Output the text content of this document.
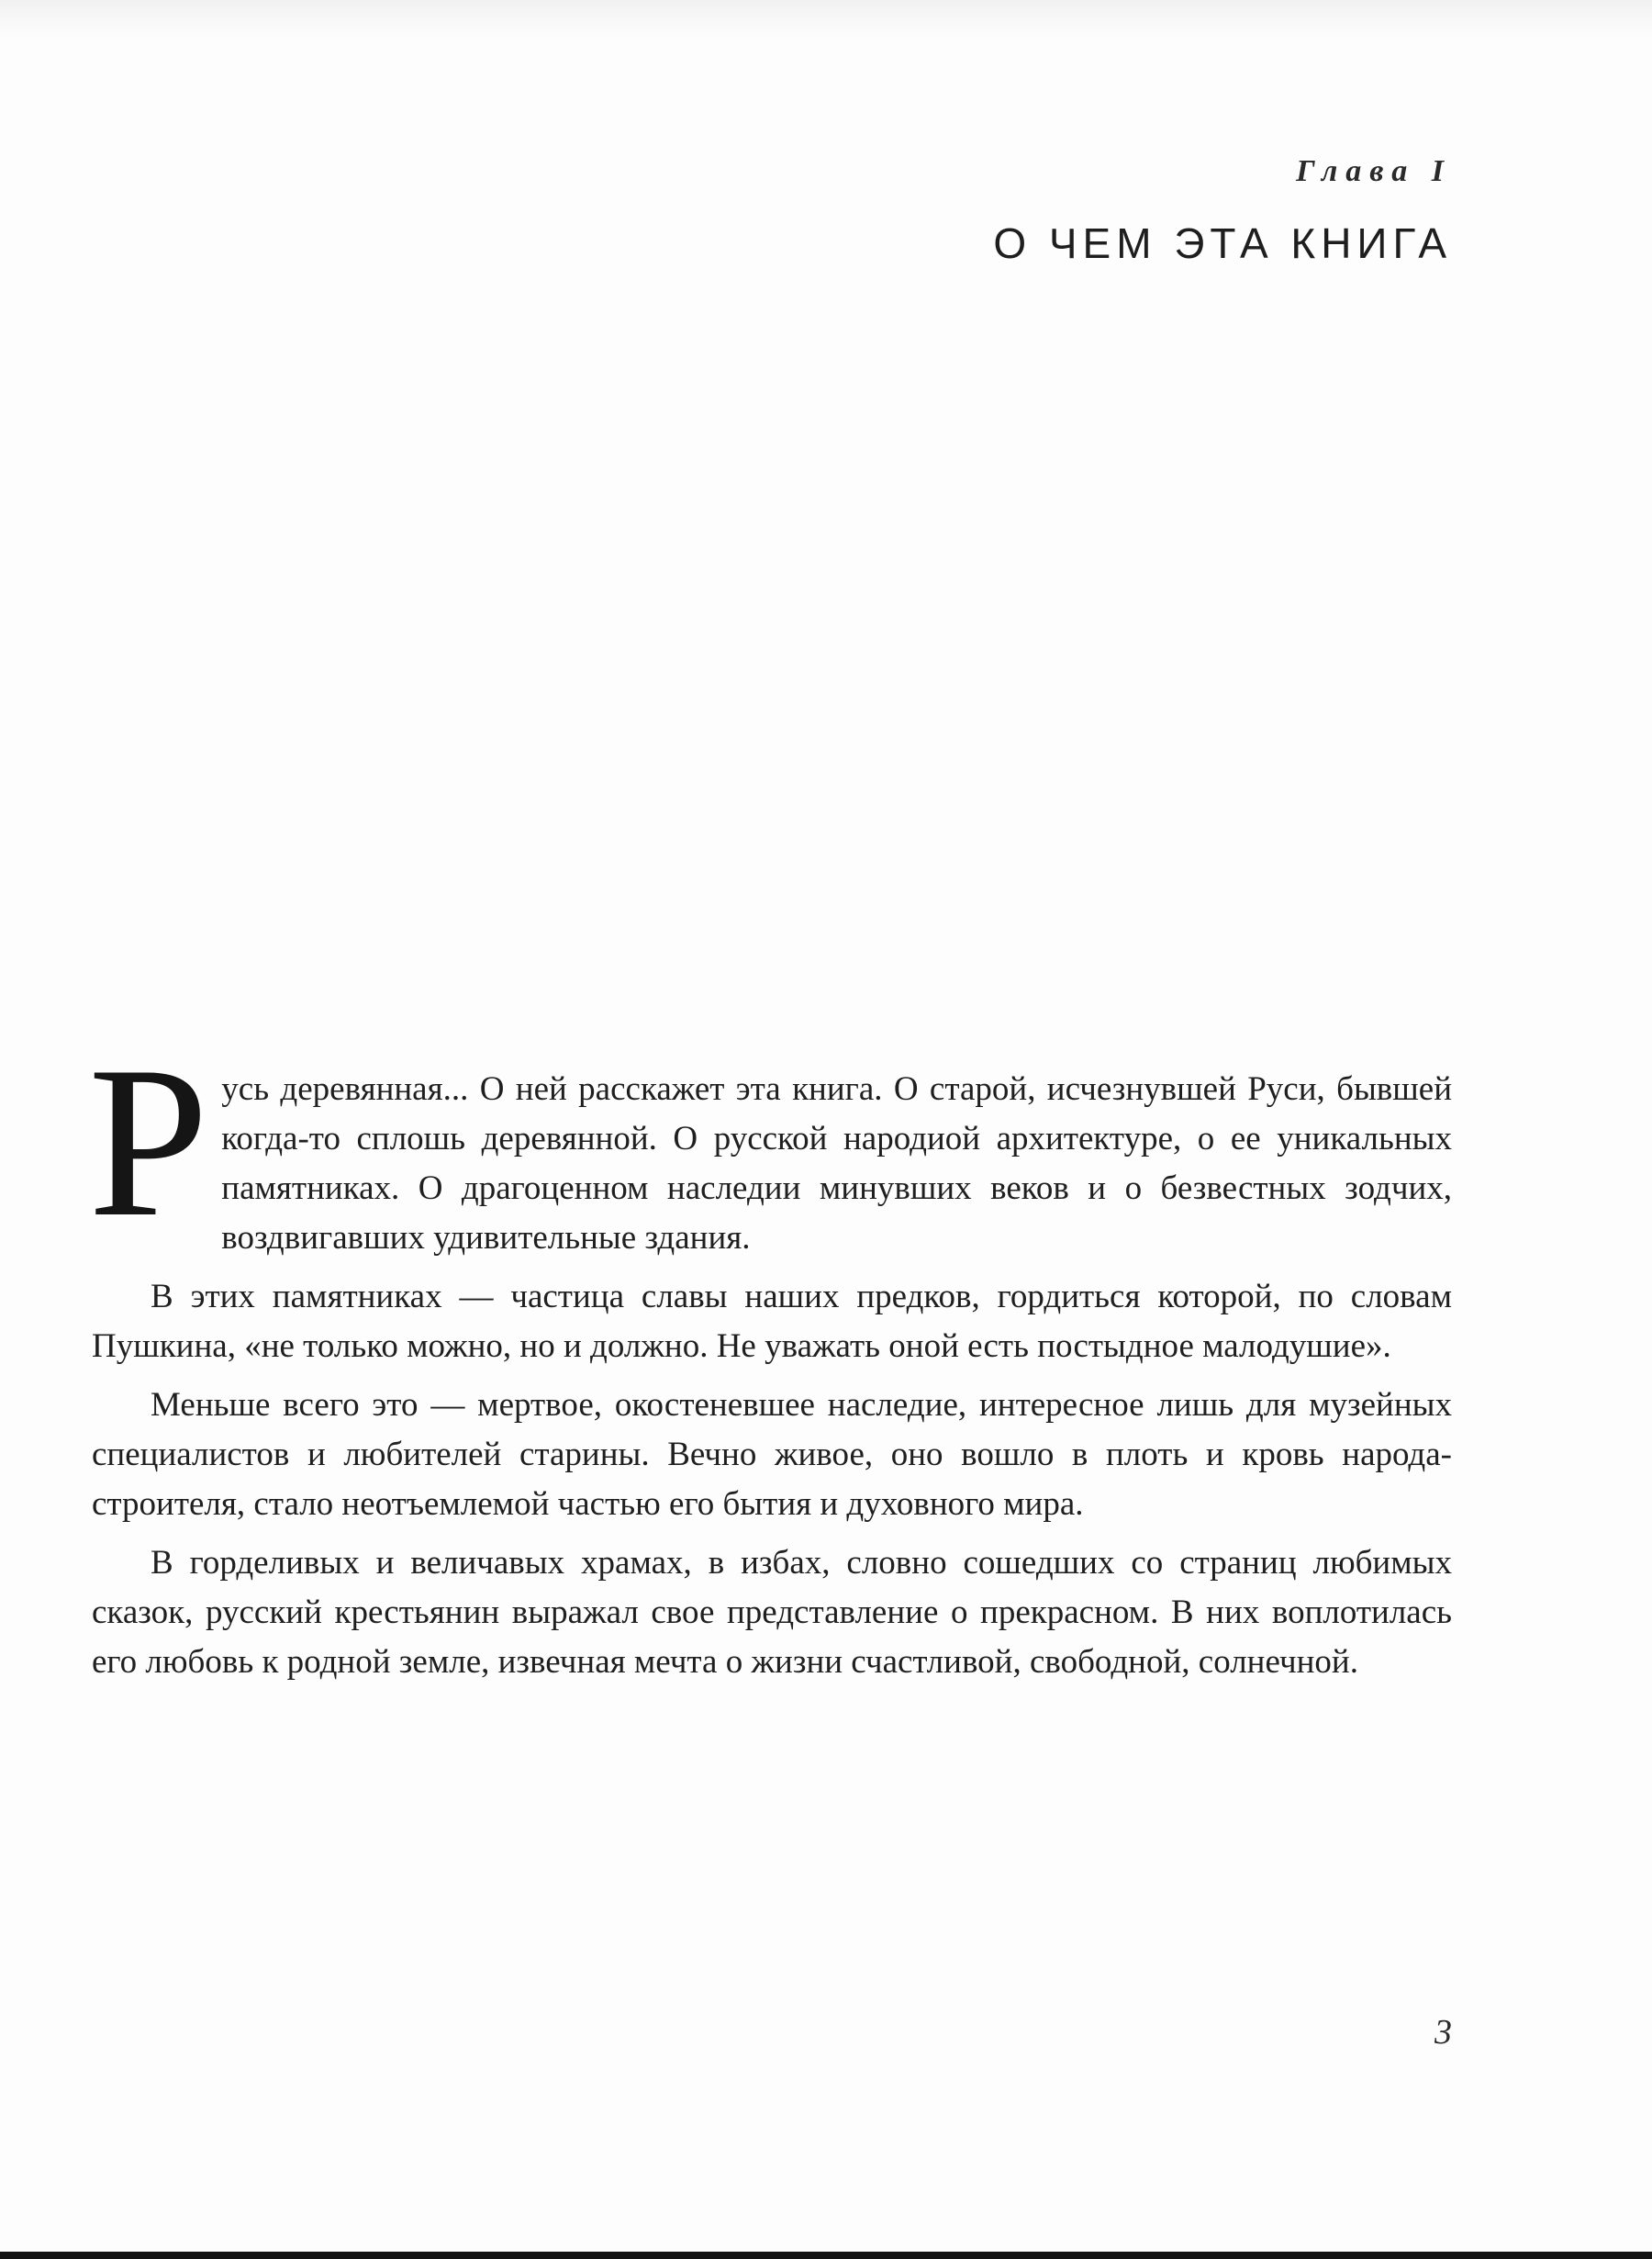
Глава I
О ЧЕМ ЭТА КНИГА

Русь деревянная... О ней расскажет эта книга. О старой, исчезнувшей Руси, бывшей когда-то сплошь деревянной. О русской народиой архитектуре, о ее уникальных памятниках. О драгоценном наследии минувших веков и о безвестных зодчих, воздвигавших удивительные здания.

В этих памятниках — частица славы наших предков, гордиться которой, по словам Пушкина, «не только можно, но и должно. Не уважать оной есть постыдное малодушие».

Меньше всего это — мертвое, окостеневшее наследие, интересное лишь для музейных специалистов и любителей старины. Вечно живое, оно вошло в плоть и кровь народа-строителя, стало неотъемлемой частью его бытия и духовного мира.

В горделивых и величавых храмах, в избах, словно сошедших со страниц любимых сказок, русский крестьянин выражал свое представление о прекрасном. В них воплотилась его любовь к родной земле, извечная мечта о жизни счастливой, свободной, солнечной.

3
